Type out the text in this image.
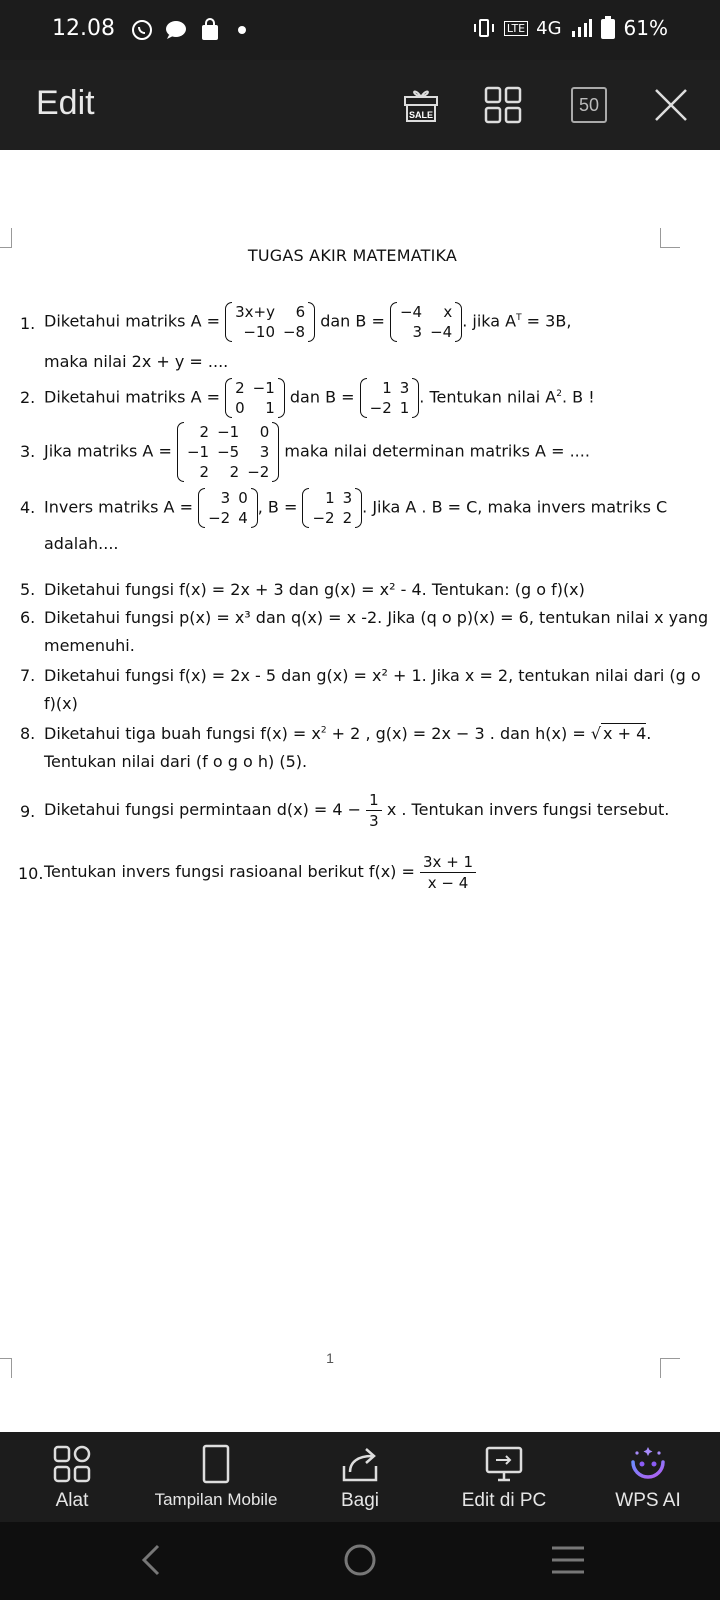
12.08	LTE 4G	61%
Edit	SALE	50
TUGAS AKIR MATEMATIKA
1. Diketahui matriks A = 3x+y	6
−10	−8
dan B = −4	x
3	−4
. jika $A^T = 3B$,
maka nilai 2x + y = ....
2. Diketahui matriks A = 2	−1
0	1
dan B = 1	3
−2	1
. Tentukan nilai $A^2$. B !
3. Jika matriks A =
2	−1	0
−1	−5	3
2	2	−2
maka nilai determinan matriks A = ....
4. Invers matriks A = 3	0
−2	4
, B = 1	3
−2	2
. Jika A . B = C, maka invers matriks C
adalah....
5. Diketahui fungsi f(x) = 2x + 3 dan g(x) = x² - 4. Tentukan: (g o f)(x)
6. Diketahui fungsi p(x) = x³ dan q(x) = x -2. Jika (q o p)(x) = 6, tentukan nilai x yang
memenuhi.
7. Diketahui fungsi f(x) = 2x - 5 dan g(x) = x² + 1. Jika x = 2, tentukan nilai dari (g o
f)(x)
8. Diketahui tiga buah fungsi $f(x) = x^2 + 2$ , g(x) = 2x − 3 . dan h(x) = √ x + 4.
Tentukan nilai dari (f o g o h) (5).
9. Diketahui fungsi permintaan $d(x) = 4 - \frac{1}{3}$ x . Tentukan invers fungsi tersebut.
10. Tentukan invers fungsi rasioanal berikut $f(x) = \frac{3x + 1}{x - 4}$
1
Alat	Tampilan Mobile	Bagi	Edit di PC	WPS AI
